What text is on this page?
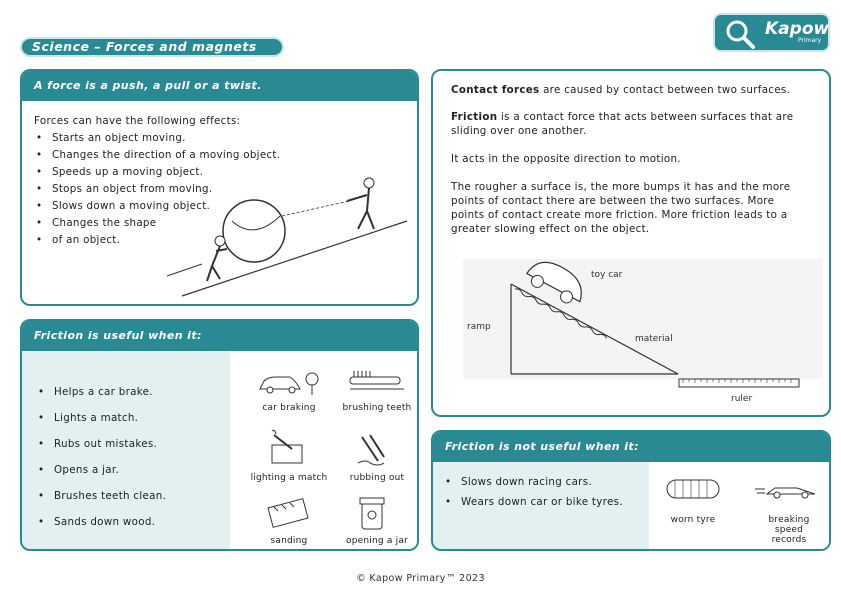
Science – Forces and magnets
Kapow
Primary
A force is a push, a pull or a twist.
Forces can have the following effects:
• Starts an object moving.
• Changes the direction of a moving object.
• Speeds up a moving object.
• Stops an object from moving.
• Slows down a moving object.
• Changes the shape
• of an object.

Contact forces are caused by contact between two surfaces.

Friction is a contact force that acts between surfaces that are sliding over one another.

It acts in the opposite direction to motion.

The rougher a surface is, the more bumps it has and the more points of contact there are between the two surfaces. More points of contact create more friction. More friction leads to a greater slowing effect on the object.

toy car
ramp
material
ruler
Friction is useful when it:
• Helps a car brake.
• Lights a match.
• Rubs out mistakes.
• Opens a jar.
• Brushes teeth clean.
• Sands down wood.
car braking	brushing teeth
lighting a match	rubbing out
sanding	opening a jar
Friction is not useful when it:
• Slows down racing cars.
• Wears down car or bike tyres.
worn tyre	breaking speed records
© Kapow Primary™ 2023
